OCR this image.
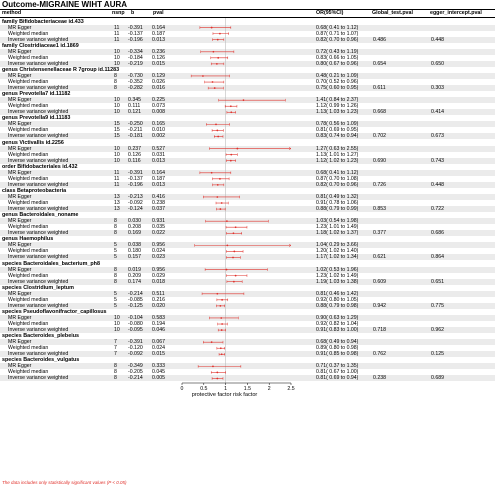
Outcome-MIGRAINE WIHT AURA
method	nsnp b	pval	OR(95%CI)	Global_test.pval	egger_intercept.pval
family Bifidobacteriaceae id.433
MR Egger	11 -0.391 0.164	0.68( 0.41 to 1.12)
Weighted median	11 -0.137 0.187	0.87( 0.71 to 1.07)
Inverse variance weighted	11 -0.196 0.013	0.82( 0.70 to 0.96)	0.486	0.448
family Clostridiaceae1 id.1869
MR Egger	10 -0.334 0.236	0.72( 0.43 to 1.19)
Weighted median	10 -0.184 0.126	0.83( 0.66 to 1.05)
Inverse variance weighted	10 -0.219 0.015	0.80( 0.67 to 0.96)	0.654	0.650
genus Christensenellaceae R 7group id.11283
MR Egger	8 -0.730 0.129	0.48( 0.21 to 1.09)
Weighted median	8 -0.352 0.026	0.70( 0.52 to 0.96)
Inverse variance weighted	8 -0.282 0.016	0.75( 0.60 to 0.95)	0.611	0.303
genus Prevotella7 id.11182
MR Egger	10 0.345 0.225	1.41( 0.84 to 2.37)
Weighted median	10 0.111 0.073	1.12( 0.99 to 1.26)
Inverse variance weighted	10 0.121 0.008	1.13( 1.03 to 1.23)	0.668	0.414
genus Prevotella9 id.11183
MR Egger	15 -0.250 0.165	0.78( 0.56 to 1.09)
Weighted median	15 -0.211 0.010	0.81( 0.69 to 0.95)
Inverse variance weighted	15 -0.181 0.002	0.83( 0.74 to 0.94)	0.702	0.673
genus Victivallis id.2256
MR Egger	10 0.237 0.527	1.27( 0.63 to 2.55)
Weighted median	10 0.126 0.031	1.13( 1.01 to 1.27)
Inverse variance weighted	10 0.116 0.013	1.12( 1.02 to 1.23)	0.690	0.743
order Bifidobacteriales id.432
MR Egger	11 -0.391 0.164	0.68( 0.41 to 1.12)
Weighted median	11 -0.137 0.187	0.87( 0.70 to 1.08)
Inverse variance weighted	11 -0.196 0.013	0.82( 0.70 to 0.96)	0.726	0.448
class Betaproteobacteria
MR Egger	13 -0.213 0.416	0.81( 0.49 to 1.32)
Weighted median	13 -0.092 0.238	0.91( 0.78 to 1.06)
Inverse variance weighted	13 -0.124 0.037	0.88( 0.79 to 0.99)	0.853	0.722
genus Bacteroidales_noname
MR Egger	8 0.030 0.931	1.03( 0.54 to 1.98)
Weighted median	8 0.208 0.035	1.23( 1.01 to 1.49)
Inverse variance weighted	8 0.169 0.022	1.18( 1.02 to 1.37)	0.377	0.686
genus Haemophilus
MR Egger	5 0.038 0.956	1.04( 0.29 to 3.66)
Weighted median	5 0.180 0.024	1.20( 1.02 to 1.40)
Inverse variance weighted	5 0.157 0.023	1.17( 1.02 to 1.34)	0.621	0.864
species Bacteroidales_bacterium_ph8
MR Egger	8 0.019 0.956	1.02( 0.53 to 1.96)
Weighted median	8 0.209 0.029	1.23( 1.02 to 1.49)
Inverse variance weighted	8 0.174 0.018	1.19( 1.03 to 1.38)	0.609	0.651
species Clostridium_leptum
MR Egger	5 -0.214 0.511	0.81( 0.46 to 1.42)
Weighted median	5 -0.085 0.216	0.92( 0.80 to 1.05)
Inverse variance weighted	5 -0.125 0.020	0.88( 0.79 to 0.98)	0.942	0.775
species Pseudoflavonifractor_capillosus
MR Egger	10 -0.104 0.583	0.90( 0.63 to 1.29)
Weighted median	10 -0.080 0.194	0.92( 0.82 to 1.04)
Inverse variance weighted	10 -0.095 0.046	0.91( 0.83 to 1.00)	0.718	0.962
species Bacteroides_plebeius
MR Egger	7 -0.391 0.067	0.68( 0.49 to 0.94)
Weighted median	7 -0.120 0.024	0.89( 0.80 to 0.98)
Inverse variance weighted	7 -0.092 0.015	0.91( 0.85 to 0.98)	0.762	0.125
species Bacteroides_vulgatus
MR Egger	8 -0.349 0.333	0.71( 0.37 to 1.35)
Weighted median	8 -0.205 0.045	0.81( 0.67 to 1.00)
Inverse variance weighted	8 -0.214 0.005	0.81( 0.69 to 0.94)	0.238	0.689
0	0.5	1	1.5	2	2.5
protective factor risk factor
The data includes only statistically significant values (P < 0.05)
